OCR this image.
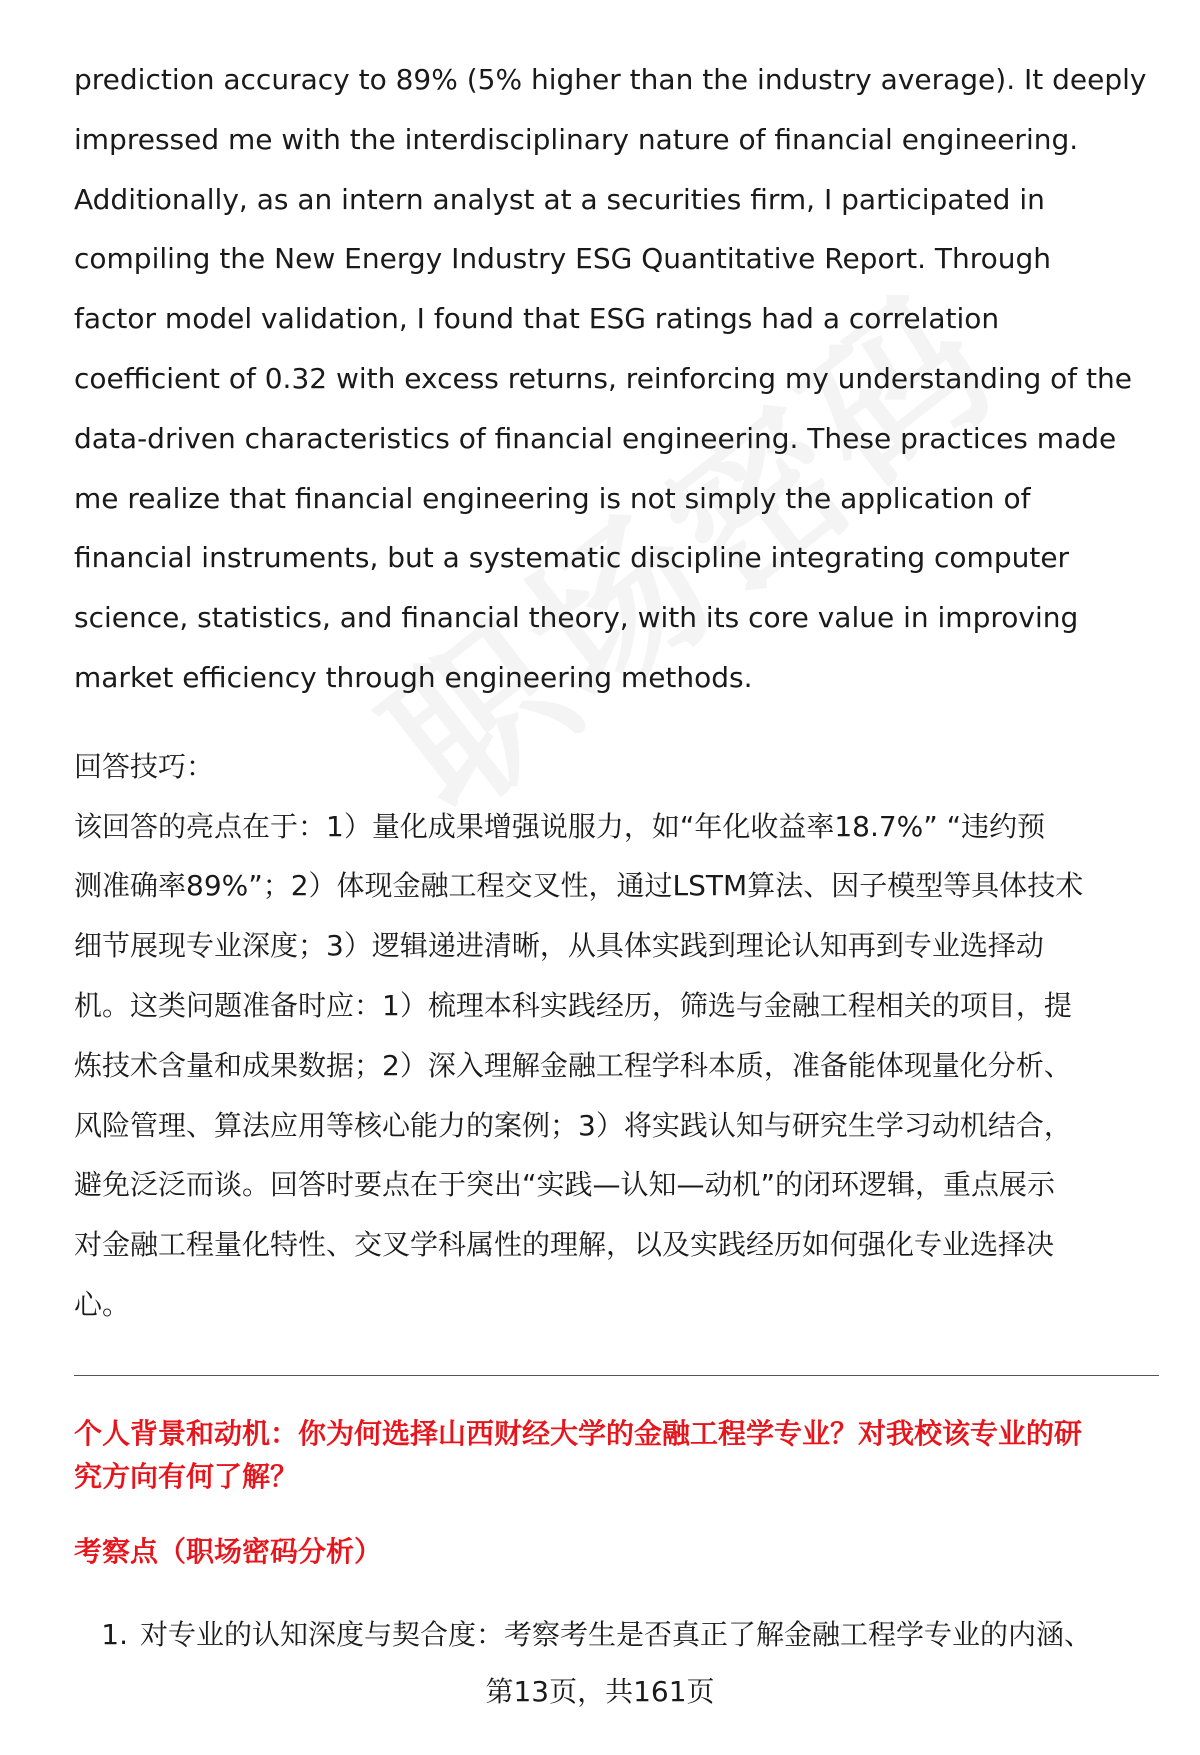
prediction accuracy to 89% (5% higher than the industry average). It deeply

impressed me with the interdisciplinary nature of financial engineering.

Additionally, as an intern analyst at a securities firm, I participated in

compiling the New Energy Industry ESG Quantitative Report. Through

factor model validation, I found that ESG ratings had a correlation

coefficient of 0.32 with excess returns, reinforcing my understanding of the

data-driven characteristics of financial engineering. These practices made

me realize that financial engineering is not simply the application of

financial instruments, but a systematic discipline integrating computer

science, statistics, and financial theory, with its core value in improving

market efficiency through engineering methods.

回答技巧：

该回答的亮点在于：1）量化成果增强说服力，如“年化收益率18.7%” “违约预

测准确率89%”；2）体现金融工程交叉性，通过LSTM算法、因子模型等具体技术

细节展现专业深度；3）逻辑递进清晰，从具体实践到理论认知再到专业选择动

机。这类问题准备时应：1）梳理本科实践经历，筛选与金融工程相关的项目，提

炼技术含量和成果数据；2）深入理解金融工程学科本质，准备能体现量化分析、

风险管理、算法应用等核心能力的案例；3）将实践认知与研究生学习动机结合，

避免泛泛而谈。回答时要点在于突出“实践—认知—动机”的闭环逻辑，重点展示

对金融工程量化特性、交叉学科属性的理解，以及实践经历如何强化专业选择决

心。

个人背景和动机：你为何选择山西财经大学的金融工程学专业？对我校该专业的研
究方向有何了解？
考察点（职场密码分析）
1. 对专业的认知深度与契合度：考察考生是否真正了解金融工程学专业的内涵、
第13页，共161页
